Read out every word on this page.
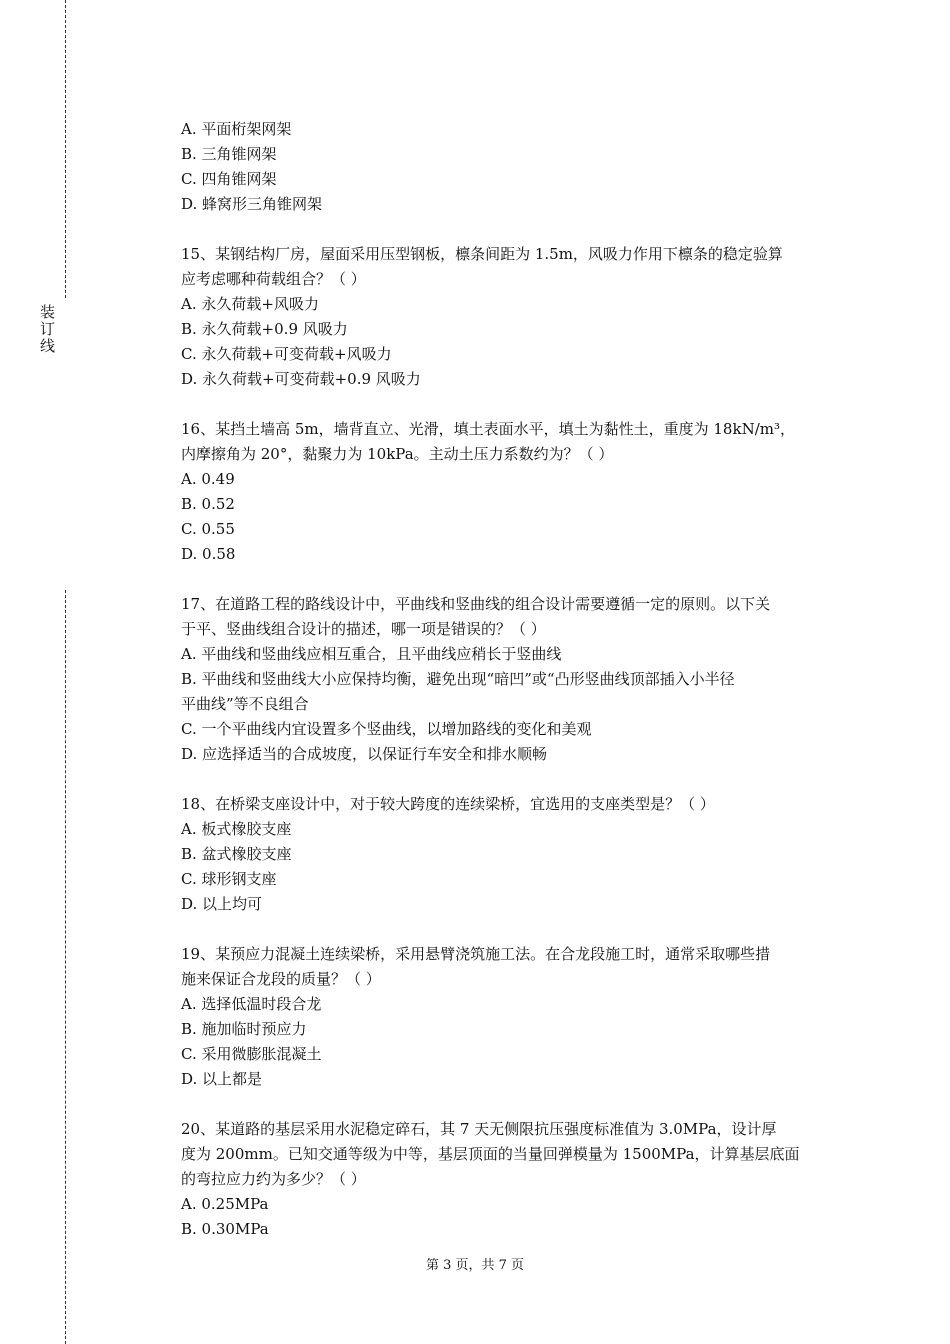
装订线
A. 平面桁架网架
B. 三角锥网架
C. 四角锥网架
D. 蜂窝形三角锥网架
15、某钢结构厂房，屋面采用压型钢板，檩条间距为 1.5m，风吸力作用下檩条的稳定验算
应考虑哪种荷载组合？（ ）
A. 永久荷载+风吸力
B. 永久荷载+0.9 风吸力
C. 永久荷载+可变荷载+风吸力
D. 永久荷载+可变荷载+0.9 风吸力
16、某挡土墙高 5m，墙背直立、光滑，填土表面水平，填土为黏性土，重度为 18kN/m³，
内摩擦角为 20°，黏聚力为 10kPa。主动土压力系数约为？（ ）
A. 0.49
B. 0.52
C. 0.55
D. 0.58
17、在道路工程的路线设计中，平曲线和竖曲线的组合设计需要遵循一定的原则。以下关
于平、竖曲线组合设计的描述，哪一项是错误的？（ ）
A. 平曲线和竖曲线应相互重合，且平曲线应稍长于竖曲线
B. 平曲线和竖曲线大小应保持均衡，避免出现“暗凹”或“凸形竖曲线顶部插入小半径
平曲线”等不良组合
C. 一个平曲线内宜设置多个竖曲线，以增加路线的变化和美观
D. 应选择适当的合成坡度，以保证行车安全和排水顺畅
18、在桥梁支座设计中，对于较大跨度的连续梁桥，宜选用的支座类型是？（ ）
A. 板式橡胶支座
B. 盆式橡胶支座
C. 球形钢支座
D. 以上均可
19、某预应力混凝土连续梁桥，采用悬臂浇筑施工法。在合龙段施工时，通常采取哪些措
施来保证合龙段的质量？（ ）
A. 选择低温时段合龙
B. 施加临时预应力
C. 采用微膨胀混凝土
D. 以上都是
20、某道路的基层采用水泥稳定碎石，其 7 天无侧限抗压强度标准值为 3.0MPa，设计厚
度为 200mm。已知交通等级为中等，基层顶面的当量回弹模量为 1500MPa，计算基层底面
的弯拉应力约为多少？（ ）
A. 0.25MPa
B. 0.30MPa
第 3 页，共 7 页
